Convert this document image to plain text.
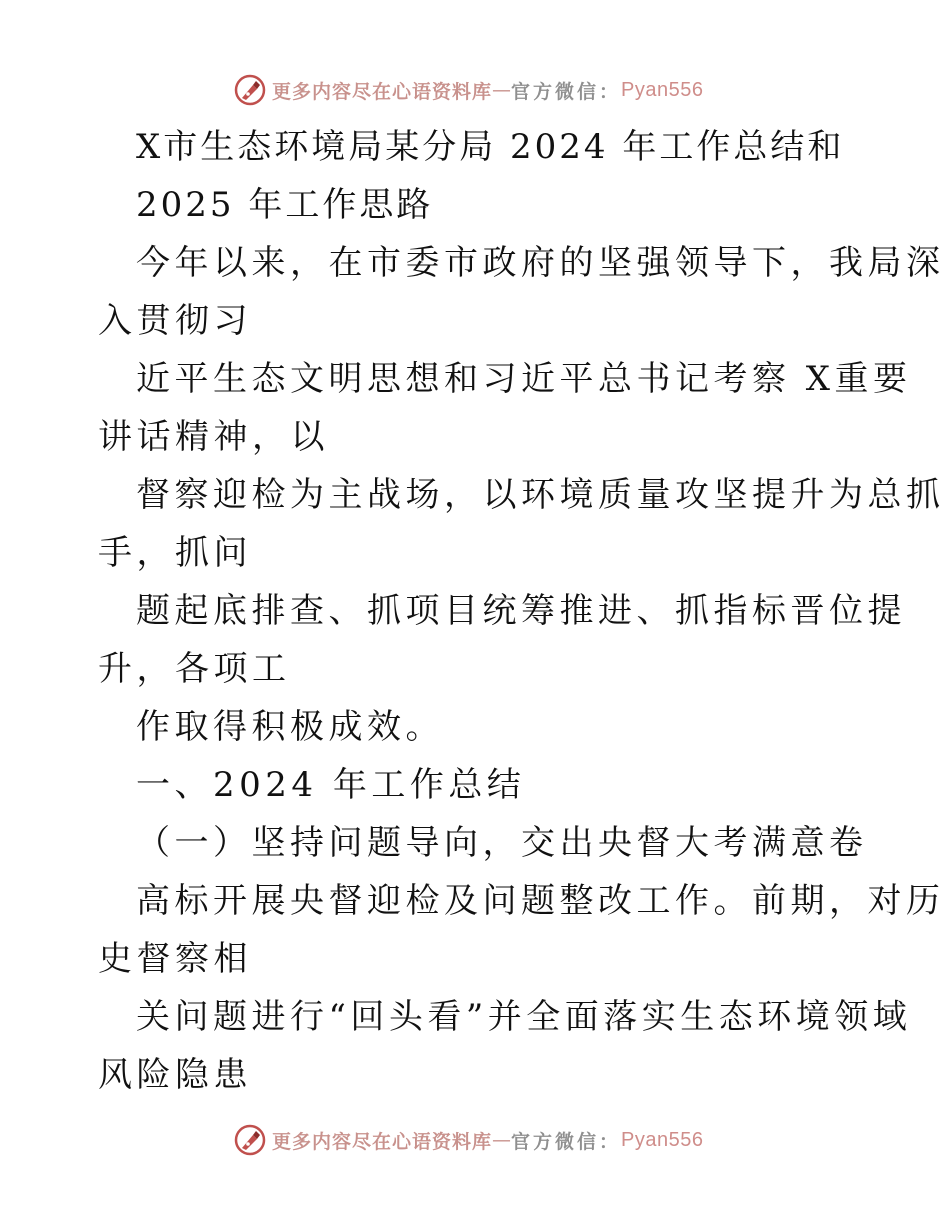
更多内容尽在心语资料库 — 官方微信： Pyan556
X市生态环境局某分局 2024 年工作总结和
2025 年工作思路
今年以来，在市委市政府的坚强领导下，我局深
入贯彻习
近平生态文明思想和习近平总书记考察 X重要
讲话精神，以
督察迎检为主战场，以环境质量攻坚提升为总抓
手，抓问
题起底排查、抓项目统筹推进、抓指标晋位提
升，各项工
作取得积极成效。
一、2024 年工作总结
（一）坚持问题导向，交出央督大考满意卷
高标开展央督迎检及问题整改工作。前期，对历
史督察相
关问题进行“回头看”并全面落实生态环境领域
风险隐患
更多内容尽在心语资料库 — 官方微信： Pyan556
